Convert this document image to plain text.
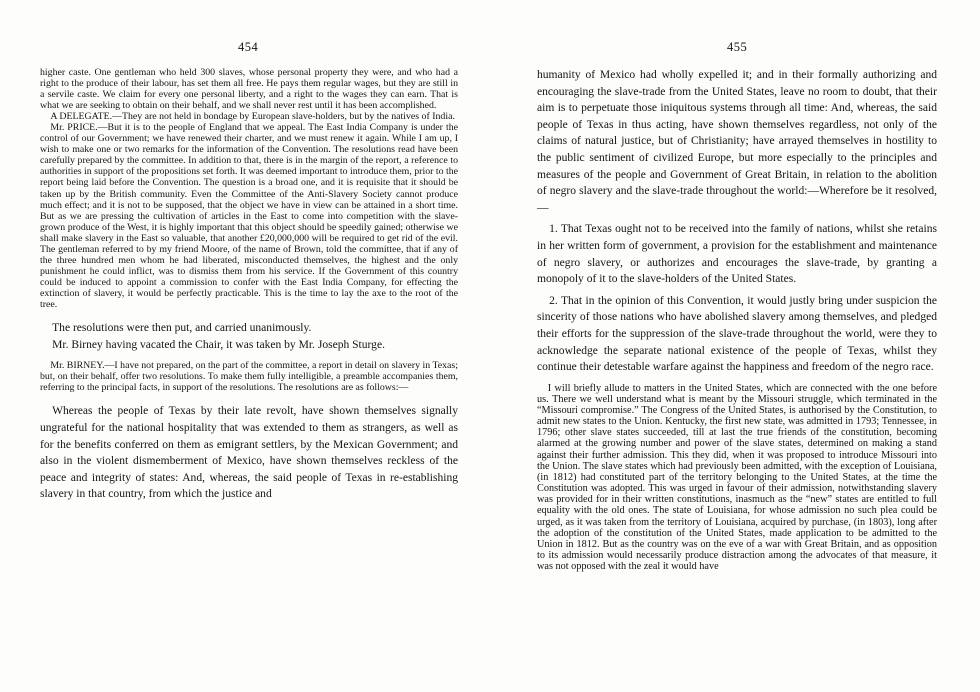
454	455

higher caste. One gentleman who held 300 slaves, whose personal property they were, and who had a right to the produce of their labour, has set them all free. He pays them regular wages, but they are still in a servile caste. We claim for every one personal liberty, and a right to the wages they can earn. That is what we are seeking to obtain on their behalf, and we shall never rest until it has been accomplished.

A DELEGATE.—They are not held in bondage by European slave-holders, but by the natives of India.

Mr. PRICE.—But it is to the people of England that we appeal. The East India Company is under the control of our Government; we have renewed their charter, and we must renew it again. While I am up, I wish to make one or two remarks for the information of the Convention. The resolutions read have been carefully prepared by the committee. In addition to that, there is in the margin of the report, a reference to authorities in support of the propositions set forth. It was deemed important to introduce them, prior to the report being laid before the Convention. The question is a broad one, and it is requisite that it should be taken up by the British community. Even the Committee of the Anti-Slavery Society cannot produce much effect; and it is not to be supposed, that the object we have in view can be attained in a short time. But as we are pressing the cultivation of articles in the East to come into competition with the slave-grown produce of the West, it is highly important that this object should be speedily gained; otherwise we shall make slavery in the East so valuable, that another £20,000,000 will be required to get rid of the evil. The gentleman referred to by my friend Moore, of the name of Brown, told the committee, that if any of the three hundred men whom he had liberated, misconducted themselves, the highest and the only punishment he could inflict, was to dismiss them from his service. If the Government of this country could be induced to appoint a commission to confer with the East India Company, for effecting the extinction of slavery, it would be perfectly practicable. This is the time to lay the axe to the root of the tree.

The resolutions were then put, and carried unanimously.

Mr. Birney having vacated the Chair, it was taken by Mr. Joseph Sturge.

Mr. BIRNEY.—I have not prepared, on the part of the committee, a report in detail on slavery in Texas; but, on their behalf, offer two resolutions. To make them fully intelligible, a preamble accompanies them, referring to the principal facts, in support of the resolutions. The resolutions are as follows:—

Whereas the people of Texas by their late revolt, have shown themselves signally ungrateful for the national hospitality that was extended to them as strangers, as well as for the benefits conferred on them as emigrant settlers, by the Mexican Government; and also in the violent dismemberment of Mexico, have shown themselves reckless of the peace and integrity of states: And, whereas, the said people of Texas in re-establishing slavery in that country, from which the justice and

humanity of Mexico had wholly expelled it; and in their formally authorizing and encouraging the slave-trade from the United States, leave no room to doubt, that their aim is to perpetuate those iniquitous systems through all time: And, whereas, the said people of Texas in thus acting, have shown themselves regardless, not only of the claims of natural justice, but of Christianity; have arrayed themselves in hostility to the public sentiment of civilized Europe, but more especially to the principles and measures of the people and Government of Great Britain, in relation to the abolition of negro slavery and the slave-trade throughout the world:—Wherefore be it resolved,—

1. That Texas ought not to be received into the family of nations, whilst she retains in her written form of government, a provision for the establishment and maintenance of negro slavery, or authorizes and encourages the slave-trade, by granting a monopoly of it to the slave-holders of the United States.

2. That in the opinion of this Convention, it would justly bring under suspicion the sincerity of those nations who have abolished slavery among themselves, and pledged their efforts for the suppression of the slave-trade throughout the world, were they to acknowledge the separate national existence of the people of Texas, whilst they continue their detestable warfare against the happiness and freedom of the negro race.

I will briefly allude to matters in the United States, which are connected with the one before us. There we well understand what is meant by the Missouri struggle, which terminated in the “Missouri compromise.” The Congress of the United States, is authorised by the Constitution, to admit new states to the Union. Kentucky, the first new state, was admitted in 1793; Tennessee, in 1796; other slave states succeeded, till at last the true friends of the constitution, becoming alarmed at the growing number and power of the slave states, determined on making a stand against their further admission. This they did, when it was proposed to introduce Missouri into the Union. The slave states which had previously been admitted, with the exception of Louisiana, (in 1812) had constituted part of the territory belonging to the United States, at the time the Constitution was adopted. This was urged in favour of their admission, notwithstanding slavery was provided for in their written constitutions, inasmuch as the “new” states are entitled to full equality with the old ones. The state of Louisiana, for whose admission no such plea could be urged, as it was taken from the territory of Louisiana, acquired by purchase, (in 1803), long after the adoption of the constitution of the United States, made application to be admitted to the Union in 1812. But as the country was on the eve of a war with Great Britain, and as opposition to its admission would necessarily produce distraction among the advocates of that measure, it was not opposed with the zeal it would have
